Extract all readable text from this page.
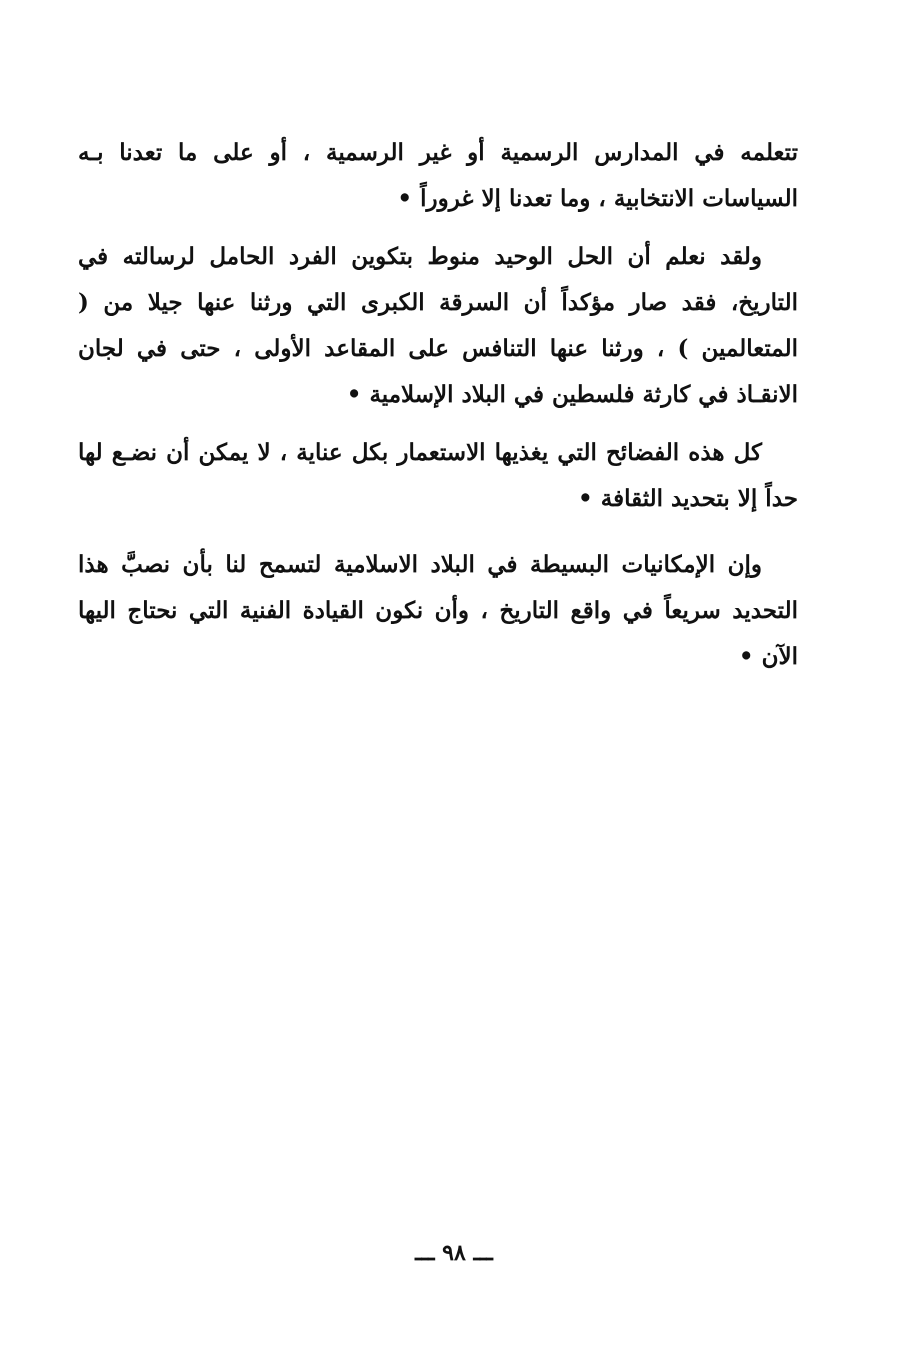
تتعلمه في المدارس الرسمية أو غير الرسمية ، أو على ما تعدنا بـه السياسات الانتخابية ، وما تعدنا إلا غروراً •

ولقد نعلم أن الحل الوحيد منوط بتكوين الفرد الحامل لرسالته في التاريخ، فقد صار مؤكداً أن السرقة الكبرى التي ورثنا عنها جيلا من ( المتعالمين ) ، ورثنا عنها التنافس على المقاعد الأولى ، حتى في لجان الانقـاذ في كارثة فلسطين في البلاد الإسلامية •

كل هذه الفضائح التي يغذيها الاستعمار بكل عناية ، لا يمكن أن نضـع لها حداً إلا بتحديد الثقافة •

وإن الإمكانيات البسيطة في البلاد الاسلامية لتسمح لنا بأن نصبَّ هذا التحديد سريعاً في واقع التاريخ ، وأن نكون القيادة الفنية التي نحتاج اليها الآن •

ـــ ٩٨ ـــ
